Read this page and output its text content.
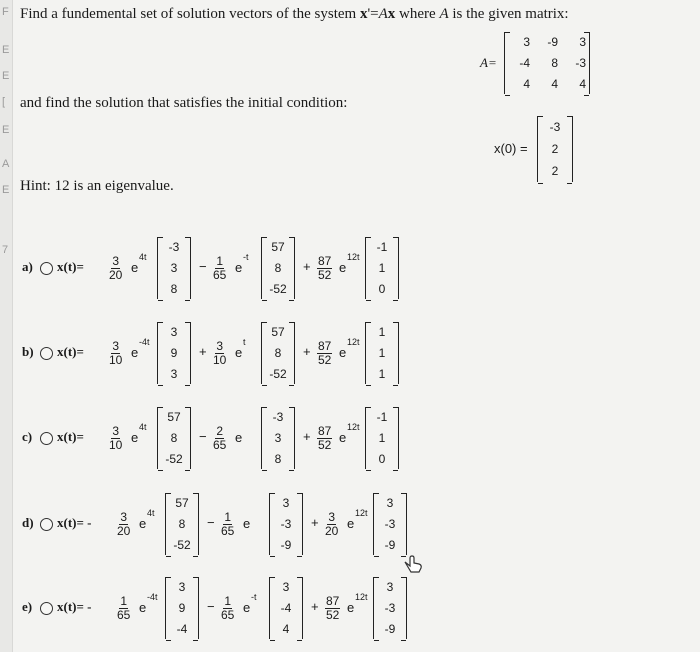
F
E
E
[
E
A
E
7
Find a fundemental set of solution vectors of the system x'=Ax where A is the given matrix:
A=
3	-9	3
-4	8	-3
4	4	4
and find the solution that satisfies the initial condition:
x(0) =
-3
2
2
Hint: 12 is an eigenvalue.
a) $x(t)= \frac{3}{20}$ e
4t
-3
3
8
− $\frac{1}{65}$ e
-t
57
8
-52
+ $\frac{87}{52}$ e
12t
-1
1
0
b) $x(t)= \frac{3}{10}$ e
-4t
3
9
3
+ $\frac{3}{10}$ e
t
57
8
-52
+ $\frac{87}{52}$ e
12t
1
1
1
c) $x(t)= \frac{3}{10}$ e
4t
57
8
-52
− $\frac{2}{65}$ e
-3
3
8
+ $\frac{87}{52}$ e
12t
-1
1
0
d) $x(t)= - \frac{3}{20}$ e
4t
57
8
-52
− $\frac{1}{65}$ e
3
-3
-9
+ $\frac{3}{20}$ e
12t
3
-3
-9
e) $x(t)= - \frac{1}{65}$ e
-4t
3
9
-4
− $\frac{1}{65}$ e
-t
3
-4
4
+ $\frac{87}{52}$ e
12t
3
-3
-9
